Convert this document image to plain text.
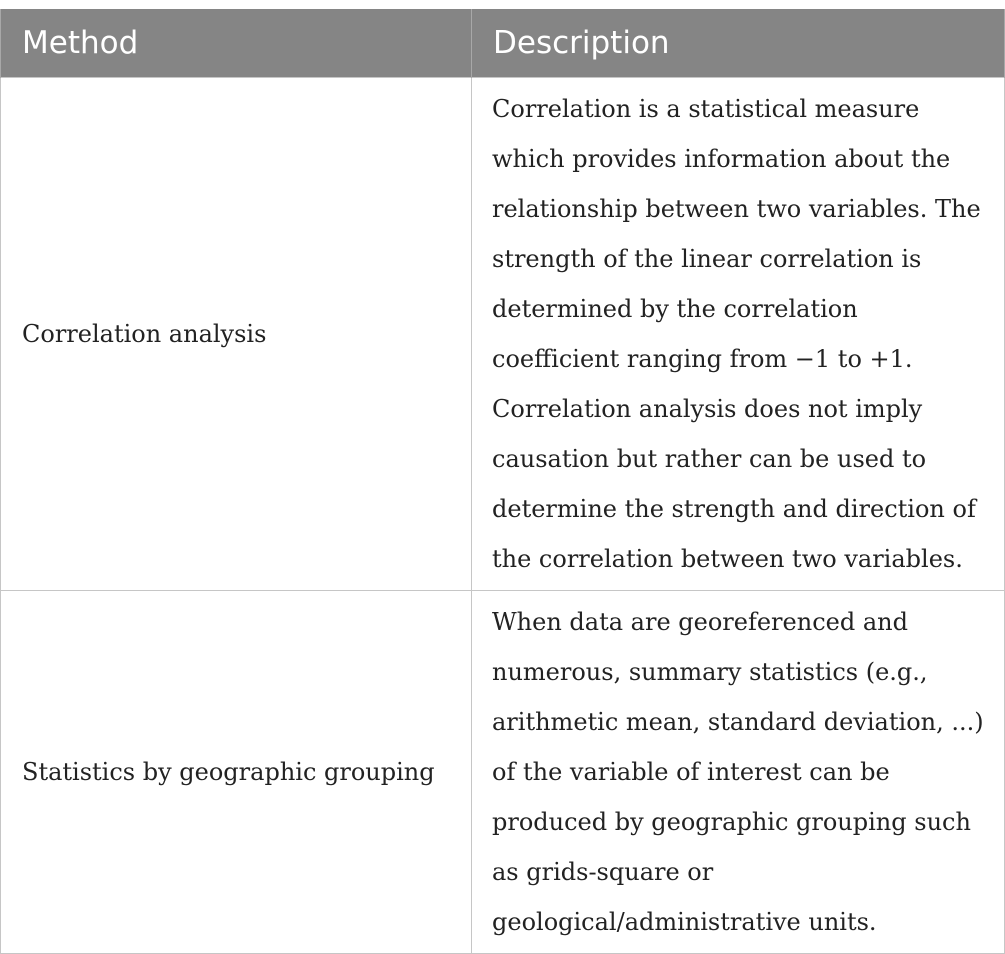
Method	Description
Correlation analysis	Correlation is a statistical measure which provides information about the relationship between two variables. The strength of the linear correlation is determined by the correlation coefficient ranging from −1 to +1. Correlation analysis does not imply causation but rather can be used to determine the strength and direction of the correlation between two variables.
Statistics by geographic grouping	When data are georeferenced and numerous, summary statistics (e.g., arithmetic mean, standard deviation, ...) of the variable of interest can be produced by geographic grouping such as grids-square or geological/administrative units.
